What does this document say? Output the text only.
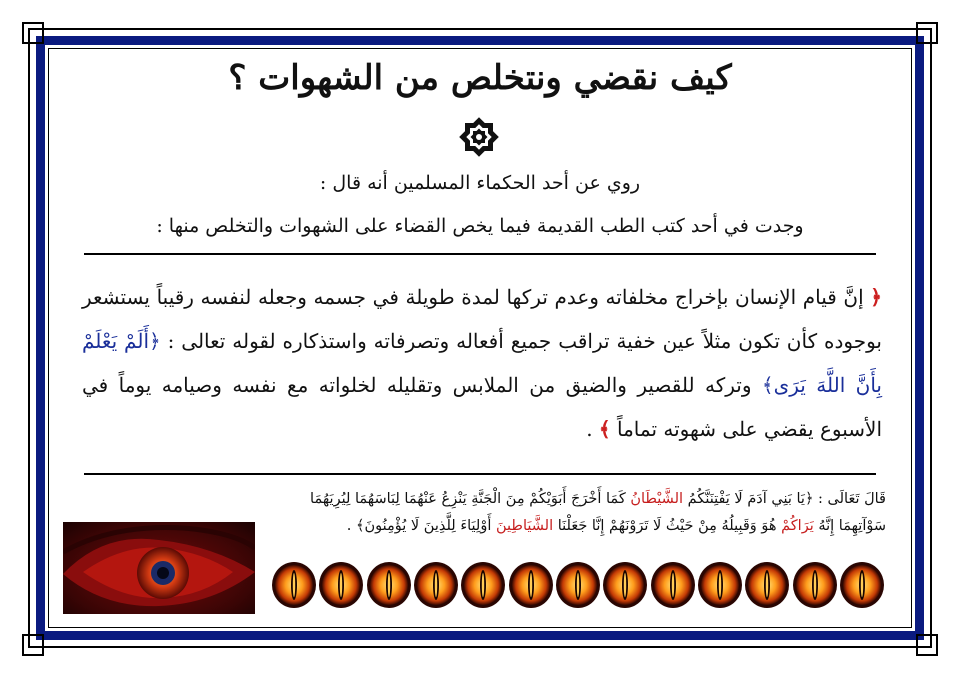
كيف نقضي ونتخلص من الشهوات ؟
روي عن أحد الحكماء المسلمين أنه قال :
وجدت في أحد كتب الطب القديمة فيما يخص القضاء على الشهوات والتخلص منها :
﴿ إنَّ قيام الإنسان بإخراج مخلفاته وعدم تركها لمدة طويلة في جسمه وجعله لنفسه رقيباً يستشعر بوجوده كأن تكون مثلاً عين خفية تراقب جميع أفعاله وتصرفاته واستذكاره لقوله تعالى : ﴿أَلَمْ يَعْلَمْ بِأَنَّ اللَّهَ يَرَى﴾ وتركه للقصير والضيق من الملابس وتقليله لخلواته مع نفسه وصيامه يوماً في الأسبوع يقضي على شهوته تماماً ﴾ .
قَالَ تَعَالَى : ﴿يَا بَنِي آدَمَ لَا يَفْتِنَنَّكُمُ الشَّيْطَانُ كَمَا أَخْرَجَ أَبَوَيْكُمْ مِنَ الْجَنَّةِ يَنْزِعُ عَنْهُمَا لِبَاسَهُمَا لِيُرِيَهُمَا سَوْآتِهِمَا إِنَّهُ يَرَاكُمْ هُوَ وَقَبِيلُهُ مِنْ حَيْثُ لَا تَرَوْنَهُمْ إِنَّا جَعَلْنَا الشَّيَاطِينَ أَوْلِيَاءَ لِلَّذِينَ لَا يُؤْمِنُونَ﴾ .
